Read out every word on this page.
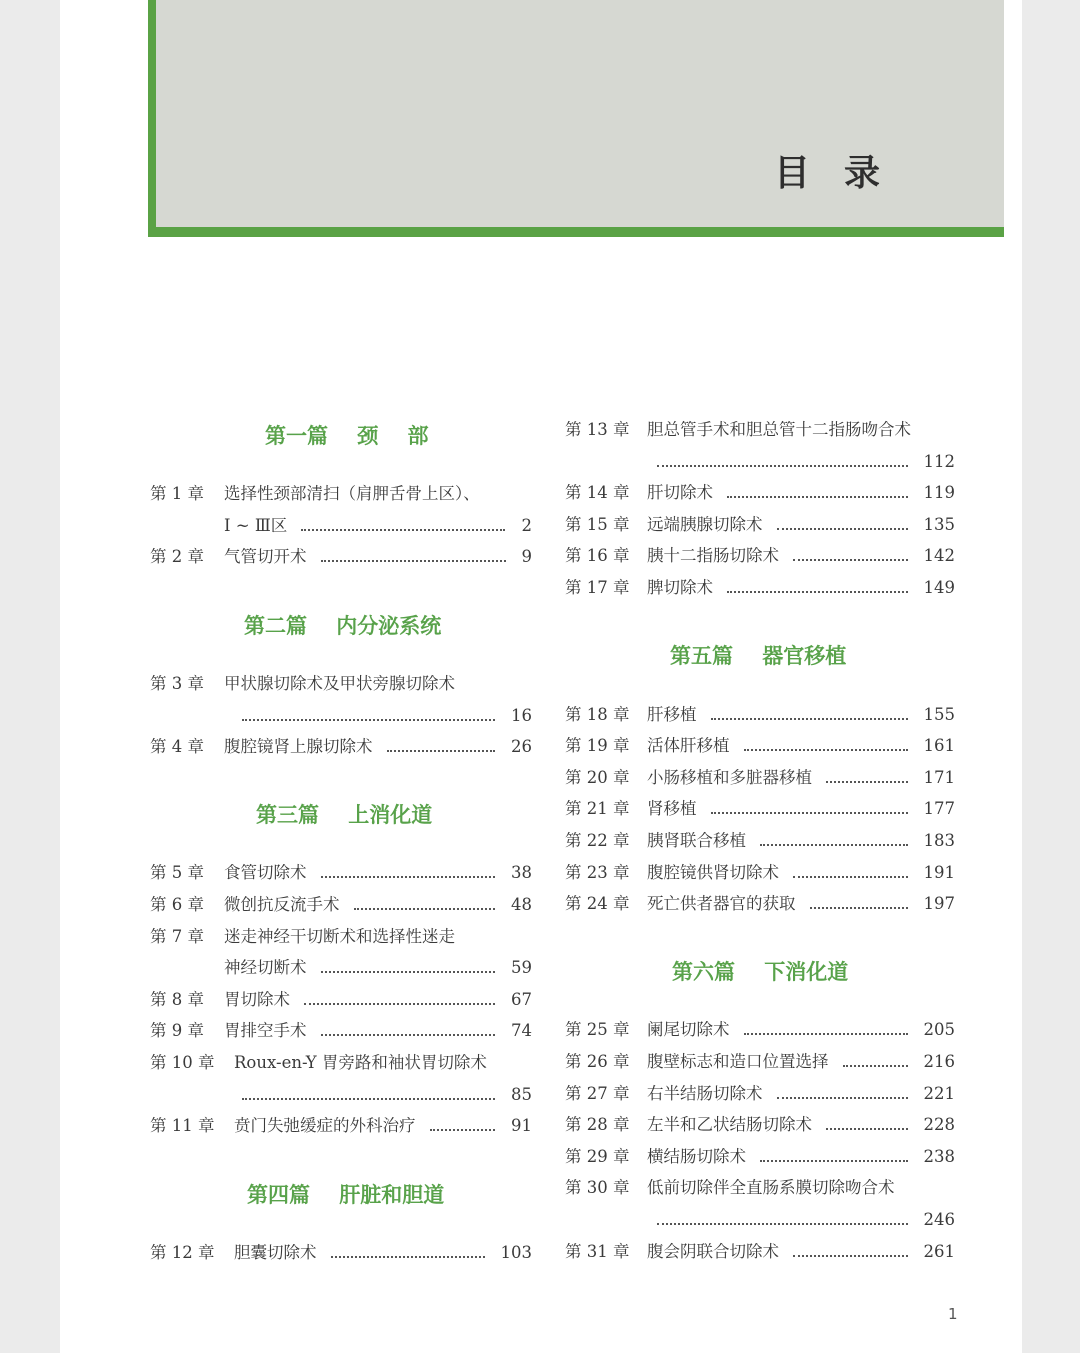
目录
第一篇    颈    部
第二篇    内分泌系统
第三篇    上消化道
第四篇    肝脏和胆道
第 1 章 选择性颈部清扫（肩胛舌骨上区）、
Ⅰ ~ Ⅲ区	2
第 2 章 气管切开术	9
第 3 章 甲状腺切除术及甲状旁腺切除术
16
第 4 章 腹腔镜肾上腺切除术	26
第 5 章 食管切除术	38
第 6 章 微创抗反流手术	48
第 7 章 迷走神经干切断术和选择性迷走
神经切断术	59
第 8 章 胃切除术	67
第 9 章 胃排空手术	74
第 10 章 Roux-en-Y 胃旁路和袖状胃切除术
85
第 11 章 贲门失弛缓症的外科治疗	91
第 12 章 胆囊切除术	103
第五篇    器官移植
第六篇    下消化道
第 13 章 胆总管手术和胆总管十二指肠吻合术
112
第 14 章 肝切除术	119
第 15 章 远端胰腺切除术	135
第 16 章 胰十二指肠切除术	142
第 17 章 脾切除术	149
第 18 章 肝移植	155
第 19 章 活体肝移植	161
第 20 章 小肠移植和多脏器移植	171
第 21 章 肾移植	177
第 22 章 胰肾联合移植	183
第 23 章 腹腔镜供肾切除术	191
第 24 章 死亡供者器官的获取	197
第 25 章 阑尾切除术	205
第 26 章 腹壁标志和造口位置选择	216
第 27 章 右半结肠切除术	221
第 28 章 左半和乙状结肠切除术	228
第 29 章 横结肠切除术	238
第 30 章 低前切除伴全直肠系膜切除吻合术
246
第 31 章 腹会阴联合切除术	261
1
